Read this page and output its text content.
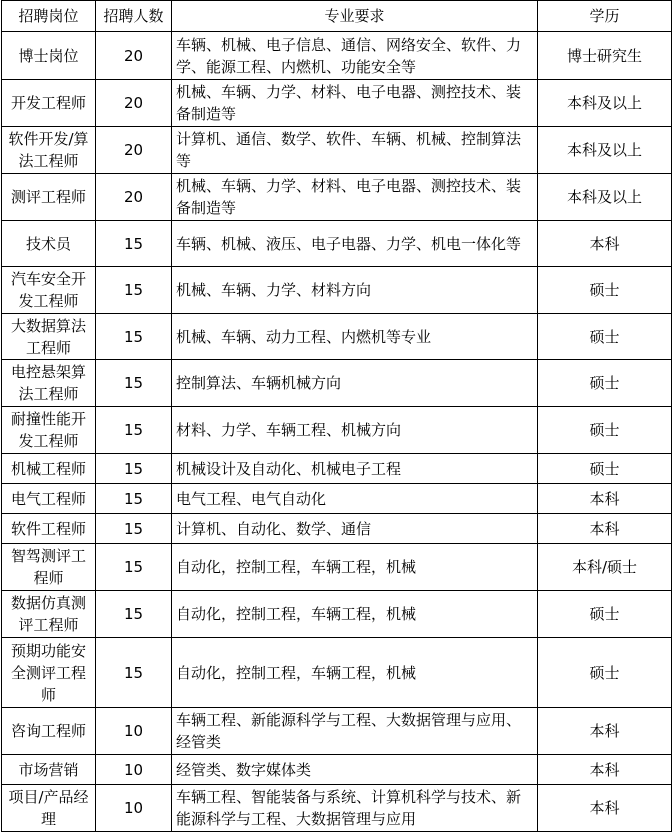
招聘岗位	招聘人数	专业要求	学历
博士岗位	20	车辆、机械、电子信息、通信、网络安全、软件、力学、能源工程、内燃机、功能安全等	博士研究生
开发工程师	20	机械、车辆、力学、材料、电子电器、测控技术、装备制造等	本科及以上
软件开发/算法工程师	20	计算机、通信、数学、软件、车辆、机械、控制算法等	本科及以上
测评工程师	20	机械、车辆、力学、材料、电子电器、测控技术、装备制造等	本科及以上
技术员	15	车辆、机械、液压、电子电器、力学、机电一体化等	本科
汽车安全开发工程师	15	机械、车辆、力学、材料方向	硕士
大数据算法工程师	15	机械、车辆、动力工程、内燃机等专业	硕士
电控悬架算法工程师	15	控制算法、车辆机械方向	硕士
耐撞性能开发工程师	15	材料、力学、车辆工程、机械方向	硕士
机械工程师	15	机械设计及自动化、机械电子工程	硕士
电气工程师	15	电气工程、电气自动化	本科
软件工程师	15	计算机、自动化、数学、通信	本科
智驾测评工程师	15	自动化，控制工程，车辆工程，机械	本科/硕士
数据仿真测评工程师	15	自动化，控制工程，车辆工程，机械	硕士
预期功能安全测评工程师	15	自动化，控制工程，车辆工程，机械	硕士
咨询工程师	10	车辆工程、新能源科学与工程、大数据管理与应用、经管类	本科
市场营销	10	经管类、数字媒体类	本科
项目/产品经理	10	车辆工程、智能装备与系统、计算机科学与技术、新能源科学与工程、大数据管理与应用	本科
